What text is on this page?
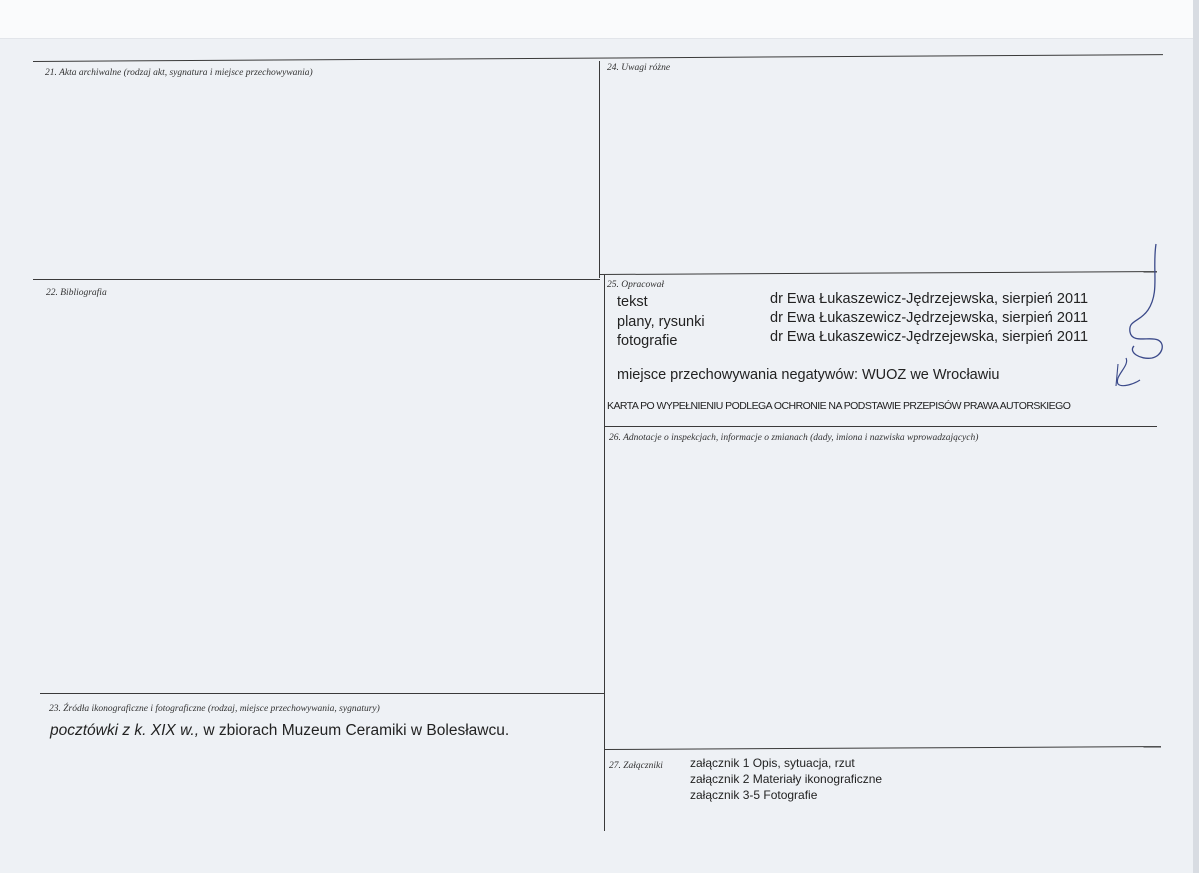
21. Akta archiwalne (rodzaj akt, sygnatura i miejsce przechowywania)	24. Uwagi różne
22. Bibliografia
25. Opracował
tekst	dr Ewa Łukaszewicz-Jędrzejewska, sierpień 2011
plany, rysunki	dr Ewa Łukaszewicz-Jędrzejewska, sierpień 2011
fotografie	dr Ewa Łukaszewicz-Jędrzejewska, sierpień 2011
miejsce przechowywania negatywów: WUOZ we Wrocławiu
KARTA PO WYPEŁNIENIU PODLEGA OCHRONIE NA PODSTAWIE PRZEPISÓW PRAWA AUTORSKIEGO
26. Adnotacje o inspekcjach, informacje o zmianach (dady, imiona i nazwiska wprowadzających)
23. Źródła ikonograficzne i fotograficzne (rodzaj, miejsce przechowywania, sygnatury)
pocztówki z k. XIX w., w zbiorach Muzeum Ceramiki w Bolesławcu.
27. Załączniki załącznik 1 Opis, sytuacja, rzut
załącznik 2 Materiały ikonograficzne
załącznik 3-5 Fotografie
